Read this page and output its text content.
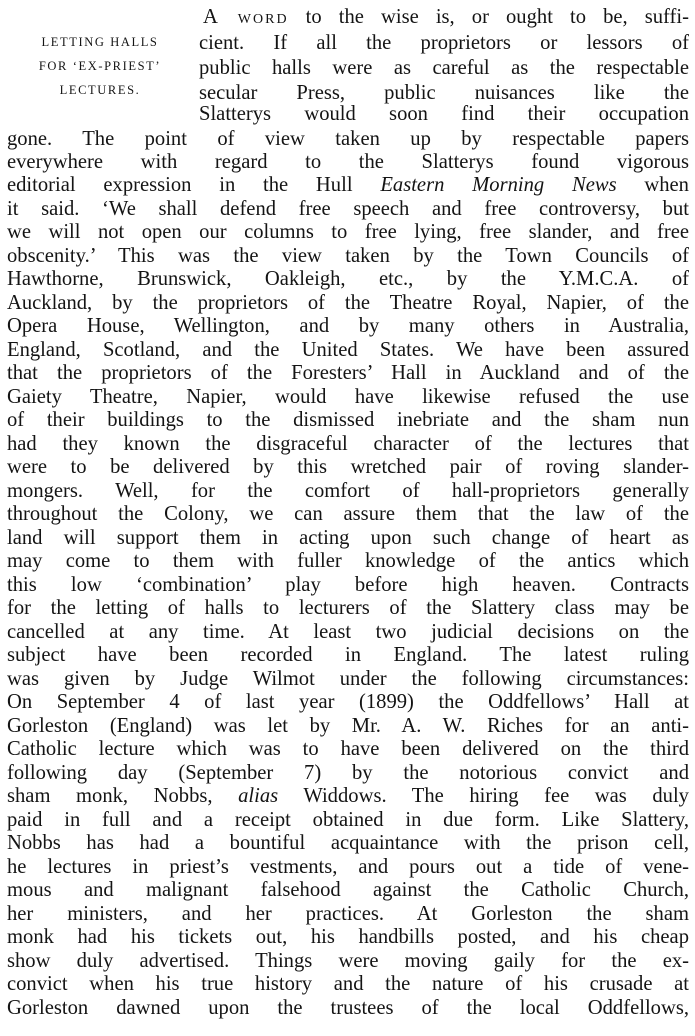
LETTING HALLS
FOR ‘EX-PRIEST’
LECTURES.
A word to the wise is, or ought to be, suffi-
cient. If all the proprietors or lessors of
public halls were as careful as the respectable
secular Press, public nuisances like the
Slatterys would soon find their occupation
gone. The point of view taken up by respectable papers
everywhere with regard to the Slatterys found vigorous
editorial expression in the Hull Eastern Morning News when
it said. ‘We shall defend free speech and free controversy, but
we will not open our columns to free lying, free slander, and free
obscenity.’ This was the view taken by the Town Councils of
Hawthorne, Brunswick, Oakleigh, etc., by the Y.M.C.A. of
Auckland, by the proprietors of the Theatre Royal, Napier, of the
Opera House, Wellington, and by many others in Australia,
England, Scotland, and the United States. We have been assured
that the proprietors of the Foresters’ Hall in Auckland and of the
Gaiety Theatre, Napier, would have likewise refused the use
of their buildings to the dismissed inebriate and the sham nun
had they known the disgraceful character of the lectures that
were to be delivered by this wretched pair of roving slander-
mongers. Well, for the comfort of hall-proprietors generally
throughout the Colony, we can assure them that the law of the
land will support them in acting upon such change of heart as
may come to them with fuller knowledge of the antics which
this low ‘combination’ play before high heaven. Contracts
for the letting of halls to lecturers of the Slattery class may be
cancelled at any time. At least two judicial decisions on the
subject have been recorded in England. The latest ruling
was given by Judge Wilmot under the following circumstances:
On September 4 of last year (1899) the Oddfellows’ Hall at
Gorleston (England) was let by Mr. A. W. Riches for an anti-
Catholic lecture which was to have been delivered on the third
following day (September 7) by the notorious convict and
sham monk, Nobbs, alias Widdows. The hiring fee was duly
paid in full and a receipt obtained in due form. Like Slattery,
Nobbs has had a bountiful acquaintance with the prison cell,
he lectures in priest’s vestments, and pours out a tide of vene-
mous and malignant falsehood against the Catholic Church,
her ministers, and her practices. At Gorleston the sham
monk had his tickets out, his handbills posted, and his cheap
show duly advertised. Things were moving gaily for the ex-
convict when his true history and the nature of his crusade at
Gorleston dawned upon the trustees of the local Oddfellows,
